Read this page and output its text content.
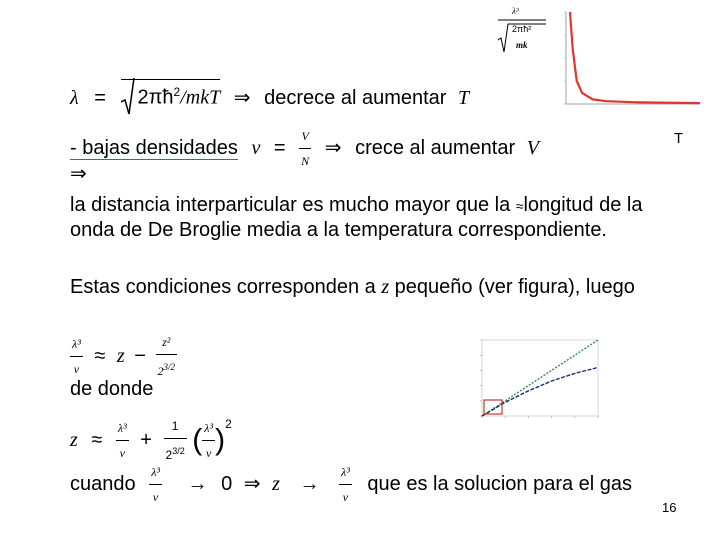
λ³
2πħ²
mk
T
$\lambda = 2\pi ħ^2$/mkT ⇒ decrece al aumentar T
- bajas densidades $\nu = \frac{V}{N}$ ⇒ crece al aumentar V
⇒
la distancia interparticular es mucho mayor que la ≈longitud de la onda de De Broglie media a la temperatura correspondiente.
Estas condiciones corresponden a z pequeño (ver figura), luego
$\frac{\text{λ³}}{\nu} \approx z - \frac{\text{z²}}{2^{3/2}}$
de donde
$z \approx \frac{\text{λ³}}{\nu} + \frac{1}{2^{3/2}}$ ( $\frac{\text{λ³}}{\nu} )^2$
cuando $\frac{\text{λ³}}{\nu} \to 0$ ⇒ $z \to \frac{\text{λ³}}{\nu}$ que es la solucion para el gas
16
